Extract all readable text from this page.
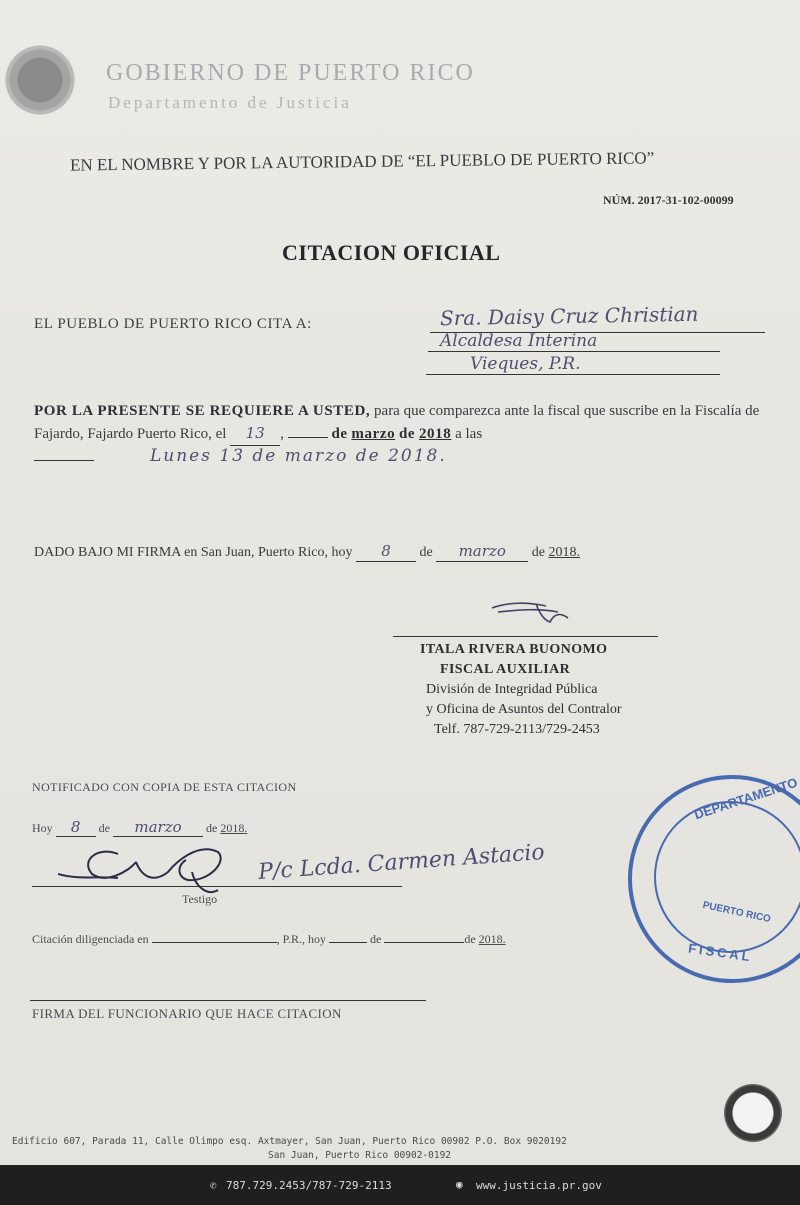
GOBIERNO DE PUERTO RICO
Departamento de Justicia
EN EL NOMBRE Y POR LA AUTORIDAD DE “EL PUEBLO DE PUERTO RICO”
NÚM. 2017-31-102-00099
CITACION OFICIAL
EL PUEBLO DE PUERTO RICO CITA A:	Sra. Daisy Cruz Christian
Alcaldesa Interina
Vieques, P.R.
POR LA PRESENTE SE REQUIERE A USTED, para que comparezca ante la fiscal que suscribe en la Fiscalía de Fajardo, Fajardo Puerto Rico, el 13 ,	de marzo de 2018 a las

Lunes 13 de marzo de 2018.
DADO BAJO MI FIRMA en San Juan, Puerto Rico, hoy 8 de marzo de 2018.
ITALA RIVERA BUONOMO
FISCAL AUXILIAR
División de Integridad Pública
y Oficina de Asuntos del Contralor
Telf. 787-729-2113/729-2453
NOTIFICADO CON COPIA DE ESTA CITACION
Hoy 8 de marzo de 2018.
P/c Lcda. Carmen Astacio
Testigo
Citación diligenciada en	, P.R., hoy	de	de 2018.
FIRMA DEL FUNCIONARIO QUE HACE CITACION
DEPARTAMENTO
PUERTO RICO
FISCAL
Edificio 607, Parada 11, Calle Olimpo esq. Axtmayer, San Juan, Puerto Rico 00902 P.O. Box 9020192
San Juan, Puerto Rico 00902-0192
✆ 787.729.2453/787-729-2113	◉ www.justicia.pr.gov
